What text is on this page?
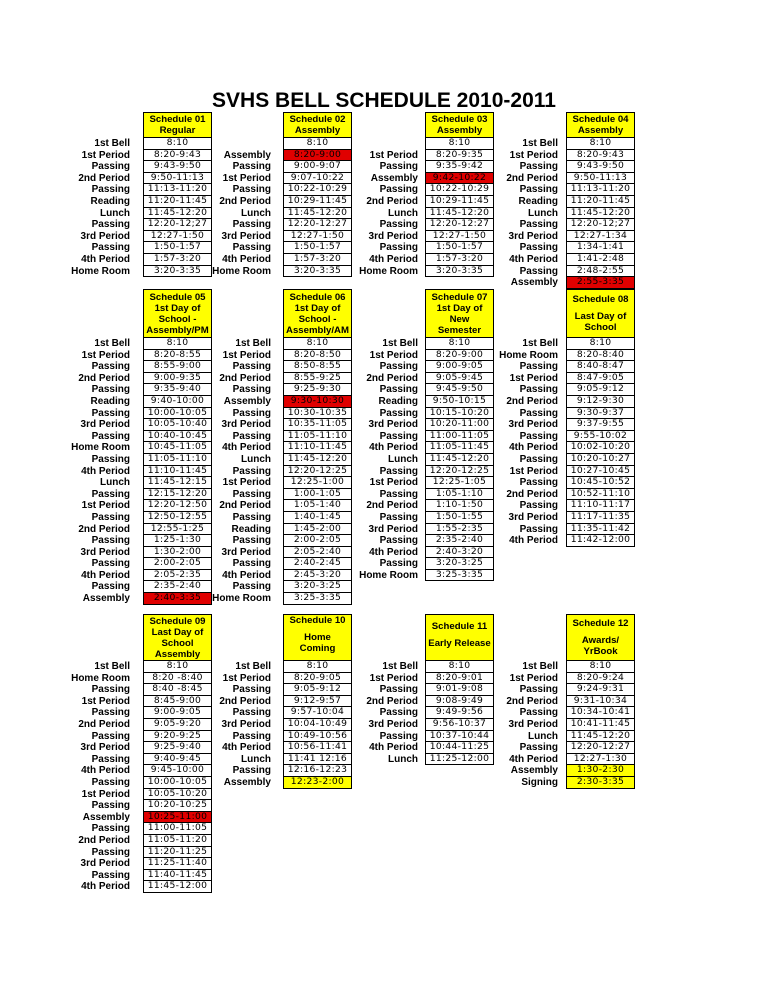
SVHS BELL SCHEDULE 2010-2011
Schedule 01
Regular
8:10
8:20-9:43
9:43-9:50
9:50-11:13
11:13-11:20
11:20-11:45
11:45-12:20
12:20-12;27
12:27-1:50
1:50-1:57
1:57-3:20
3:20-3:35
1st Bell
1st Period
Passing
2nd Period
Passing
Reading
Lunch
Passing
3rd Period
Passing
4th Period
Home Room
Schedule 02
Assembly
8:10
8:20-9:00
9:00-9:07
9:07-10:22
10:22-10:29
10:29-11:45
11:45-12:20
12:20-12:27
12:27-1:50
1:50-1:57
1:57-3:20
3:20-3:35
Assembly
Passing
1st Period
Passing
2nd Period
Lunch
Passing
3rd Period
Passing
4th Period
Home Room
Schedule 03
Assembly
8:10
8:20-9:35
9:35-9:42
9:42-10:22
10:22-10:29
10:29-11:45
11:45-12:20
12:20-12:27
12:27-1:50
1:50-1:57
1:57-3:20
3:20-3:35
1st Period
Passing
Assembly
Passing
2nd Period
Lunch
Passing
3rd Period
Passing
4th Period
Home Room
Schedule 04
Assembly
8:10
8:20-9:43
9:43-9:50
9:50-11:13
11:13-11:20
11:20-11:45
11:45-12:20
12:20-12;27
12:27-1:34
1:34-1:41
1:41-2:48
2:48-2:55
2:55-3:35
1st Bell
1st Period
Passing
2nd Period
Passing
Reading
Lunch
Passing
3rd Period
Passing
4th Period
Passing
Assembly
Schedule 05
1st Day of
School -
Assembly/PM
8:10
8:20-8:55
8:55-9:00
9:00-9:35
9:35-9:40
9:40-10:00
10:00-10:05
10:05-10:40
10:40-10:45
10:45-11:05
11:05-11:10
11:10-11:45
11:45-12:15
12:15-12:20
12:20-12:50
12:50-12:55
12:55-1:25
1:25-1:30
1:30-2:00
2:00-2:05
2:05-2:35
2:35-2:40
2:40-3:35
1st Bell
1st Period
Passing
2nd Period
Passing
Reading
Passing
3rd Period
Passing
Home Room
Passing
4th Period
Lunch
Passing
1st Period
Passing
2nd Period
Passing
3rd Period
Passing
4th Period
Passing
Assembly
Schedule 06
1st Day of
School -
Assembly/AM
8:10
8:20-8:50
8:50-8:55
8:55-9:25
9:25-9:30
9:30-10:30
10:30-10:35
10:35-11:05
11:05-11:10
11:10-11:45
11:45-12:20
12:20-12:25
12:25-1:00
1:00-1:05
1:05-1:40
1:40-1:45
1:45-2:00
2:00-2:05
2:05-2:40
2:40-2:45
2:45-3:20
3:20-3:25
3:25-3:35
1st Bell
1st Period
Passing
2nd Period
Passing
Assembly
Passing
3rd Period
Passing
4th Period
Lunch
Passing
1st Period
Passing
2nd Period
Passing
Reading
Passing
3rd Period
Passing
4th Period
Passing
Home Room
Schedule 07
1st Day of
New
Semester
8:10
8:20-9:00
9:00-9:05
9:05-9:45
9:45-9:50
9:50-10:15
10:15-10:20
10:20-11:00
11:00-11:05
11:05-11:45
11:45-12:20
12:20-12:25
12:25-1:05
1:05-1:10
1:10-1:50
1:50-1:55
1:55-2:35
2:35-2:40
2:40-3:20
3:20-3:25
3:25-3:35
1st Bell
1st Period
Passing
2nd Period
Passing
Reading
Passing
3rd Period
Passing
4th Period
Lunch
Passing
1st Period
Passing
2nd Period
Passing
3rd Period
Passing
4th Period
Passing
Home Room
Schedule 08
Last Day of
School
8:10
8:20-8:40
8:40-8:47
8:47-9:05
9:05-9:12
9:12-9:30
9:30-9:37
9:37-9:55
9:55-10:02
10:02-10:20
10:20-10:27
10:27-10:45
10:45-10:52
10:52-11:10
11:10-11:17
11:17-11:35
11:35-11:42
11:42-12:00
1st Bell
Home Room
Passing
1st Period
Passing
2nd Period
Passing
3rd Period
Passing
4th Period
Passing
1st Period
Passing
2nd Period
Passing
3rd Period
Passing
4th Period
Schedule 09
Last Day of
School
Assembly
8:10
8:20 -8:40
8:40 -8:45
8:45-9:00
9:00-9:05
9:05-9:20
9:20-9:25
9:25-9:40
9:40-9:45
9:45-10:00
10:00-10:05
10:05-10:20
10:20-10:25
10:25-11:00
11:00-11:05
11:05-11:20
11:20-11:25
11:25-11:40
11:40-11:45
11:45-12:00
1st Bell
Home Room
Passing
1st Period
Passing
2nd Period
Passing
3rd Period
Passing
4th Period
Passing
1st Period
Passing
Assembly
Passing
2nd Period
Passing
3rd Period
Passing
4th Period
Schedule 10
Home Coming
8:10
8:20-9:05
9:05-9:12
9:12-9:57
9:57-10:04
10:04-10:49
10:49-10:56
10:56-11:41
11:41 12:16
12:16-12:23
12:23-2:00
1st Bell
1st Period
Passing
2nd Period
Passing
3rd Period
Passing
4th Period
Lunch
Passing
Assembly
Schedule 11
Early Release
8:10
8:20-9:01
9:01-9:08
9:08-9:49
9:49-9:56
9:56-10:37
10:37-10:44
10:44-11:25
11:25-12:00
1st Bell
1st Period
Passing
2nd Period
Passing
3rd Period
Passing
4th Period
Lunch
Schedule 12
Awards/
YrBook
8:10
8:20-9:24
9:24-9:31
9:31-10:34
10:34-10:41
10:41-11:45
11:45-12:20
12:20-12:27
12:27-1:30
1:30-2:30
2:30-3:35
1st Bell
1st Period
Passing
2nd Period
Passing
3rd Period
Lunch
Passing
4th Period
Assembly
Signing
